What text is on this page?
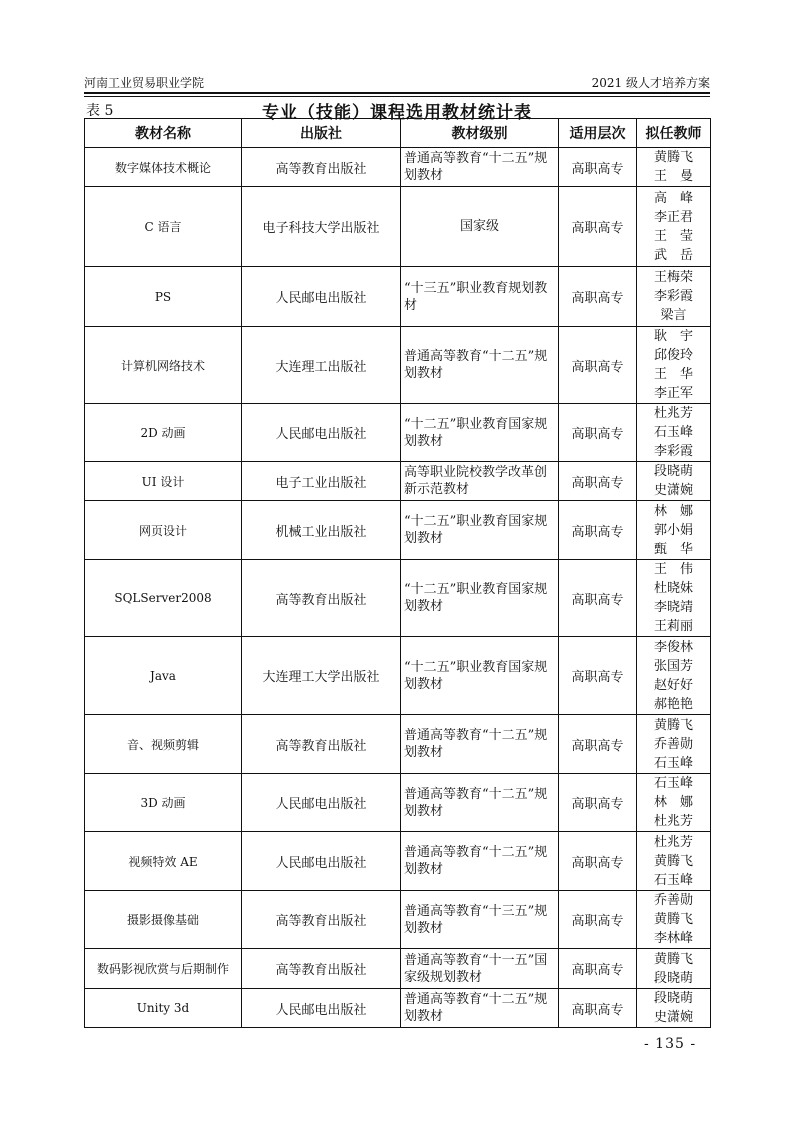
河南工业贸易职业学院	2021 级人才培养方案
专业（技能）课程选用教材统计表
表 5
教材名称	出版社	教材级别	适用层次	拟任教师
数字媒体技术概论	高等教育出版社	普通高等教育“十二五”规划教材	高职高专	黄腾飞
王　曼

C 语言	电子科技大学出版社	国家级	高职高专	高　峰
李正君
王　莹
武　岳

PS	人民邮电出版社	“十三五”职业教育规划教材	高职高专	王梅荣
李彩霞
梁言

计算机网络技术	大连理工出版社	普通高等教育“十二五”规划教材	高职高专	耿　宇
邱俊玲
王　华
李正军

2D 动画	人民邮电出版社	“十二五”职业教育国家规划教材	高职高专	杜兆芳
石玉峰
李彩霞

UI 设计	电子工业出版社	高等职业院校教学改革创新示范教材	高职高专	段晓萌
史潇婉

网页设计	机械工业出版社	“十二五”职业教育国家规划教材	高职高专	林　娜
郭小娟
甄　华

SQLServer2008	高等教育出版社	“十二五”职业教育国家规划教材	高职高专	王　伟
杜晓妹
李晓靖
王莉丽

Java	大连理工大学出版社	“十二五”职业教育国家规划教材	高职高专	李俊林
张国芳
赵好好
郝艳艳

音、视频剪辑	高等教育出版社	普通高等教育“十二五”规划教材	高职高专	黄腾飞
乔善勋
石玉峰

3D 动画	人民邮电出版社	普通高等教育“十二五”规划教材	高职高专	石玉峰
林　娜
杜兆芳

视频特效 AE	人民邮电出版社	普通高等教育“十二五”规划教材	高职高专	杜兆芳
黄腾飞
石玉峰

摄影摄像基础	高等教育出版社	普通高等教育“十三五”规划教材	高职高专	乔善勋
黄腾飞
李林峰

数码影视欣赏与后期制作	高等教育出版社	普通高等教育“十一五”国家级规划教材	高职高专	黄腾飞
段晓萌

Unity 3d	人民邮电出版社	普通高等教育“十二五”规划教材	高职高专	段晓萌
史潇婉
- 135 -
